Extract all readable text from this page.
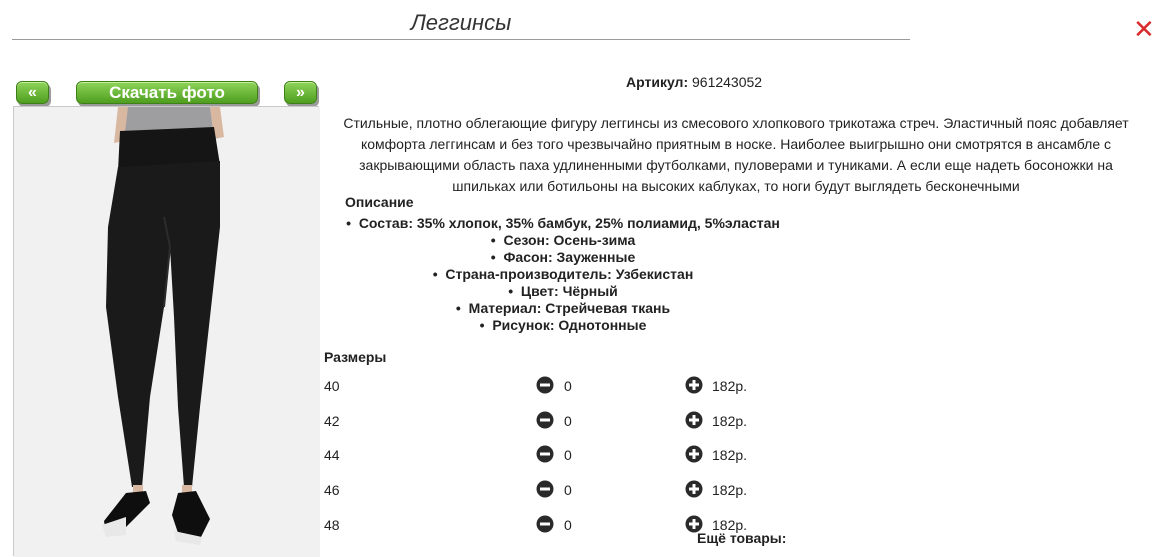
Леггинсы	✕
«	Скачать фото	»
Артикул: 961243052
Стильные, плотно облегающие фигуру леггинсы из смесового хлопкового трикотажа стреч. Эластичный пояс добавляет комфорта леггинсам и без того чрезвычайно приятным в носке. Наиболее выигрышно они смотрятся в ансамбле с закрывающими область паха удлиненными футболками, пуловерами и туниками. А если еще надеть босоножки на шпильках или ботильоны на высоких каблуках, то ноги будут выглядеть бесконечными
Описание
•  Состав: 35% хлопок, 35% бамбук, 25% полиамид, 5%эластан
•  Сезон: Осень-зима
•  Фасон: Зауженные
•  Страна-производитель: Узбекистан
•  Цвет: Чёрный
•  Материал: Стрейчевая ткань
•  Рисунок: Однотонные
Размеры
40	0	182р.
42	0	182р.
44	0	182р.
46	0	182р.
48	0	182р.
Ещё товары:
